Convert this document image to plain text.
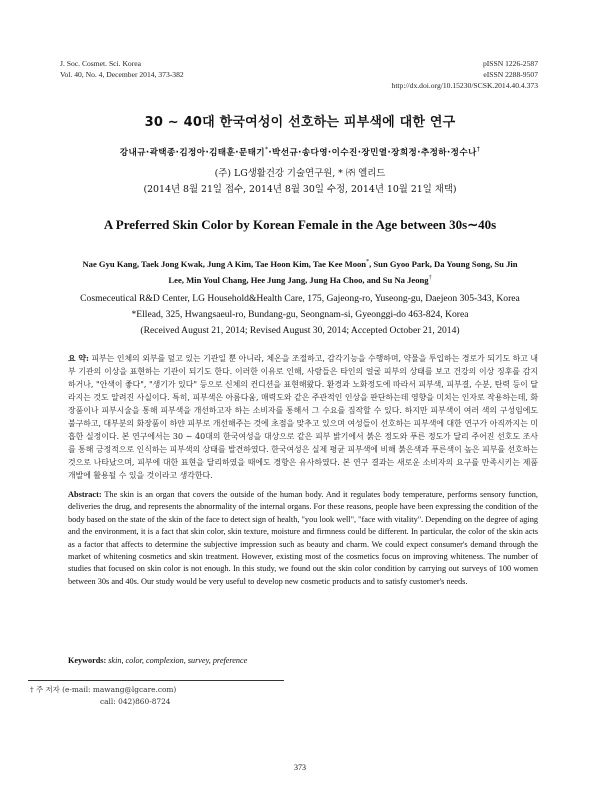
J. Soc. Cosmet. Sci. Korea
Vol. 40, No. 4, December 2014, 373-382
pISSN 1226-2587
eISSN 2288-9507
http://dx.doi.org/10.15230/SCSK.2014.40.4.373
30 ∼ 40대 한국여성이 선호하는 피부색에 대한 연구
강내규·곽택종·김정아·김태훈·문태기*·박선규·송다영·이수진·장민열·장희정·추정하·정수나†
(주) LG생활건강 기술연구원, * ㈜ 엘리드
(2014년 8월 21일 접수, 2014년 8월 30일 수정, 2014년 10월 21일 채택)
A Preferred Skin Color by Korean Female in the Age between 30s∼40s
Nae Gyu Kang, Taek Jong Kwak, Jung A Kim, Tae Hoon Kim, Tae Kee Moon*, Sun Gyoo Park, Da Young Song, Su Jin
Lee, Min Youl Chang, Hee Jung Jang, Jung Ha Choo, and Su Na Jeong†
Cosmeceutical R&D Center, LG Household&Health Care, 175, Gajeong-ro, Yuseong-gu, Daejeon 305-343, Korea
*Ellead, 325, Hwangsaeul-ro, Bundang-gu, Seongnam-si, Gyeonggi-do 463-824, Korea
(Received August 21, 2014; Revised August 30, 2014; Accepted October 21, 2014)
요 약: 피부는 인체의 외부를 덮고 있는 기관일 뿐 아니라, 체온을 조절하고, 감각기능을 수행하며, 약물을 투입하는 경로가 되기도 하고 내부 기관의 이상을 표현하는 기관이 되기도 한다. 이러한 이유로 인해, 사람들은 타인의 얼굴 피부의 상태를 보고 건강의 이상 징후를 감지하거나, "안색이 좋다", "생기가 있다" 등으로 신체의 컨디션을 표현해왔다. 환경과 노화정도에 따라서 피부색, 피부결, 수분, 탄력 등이 달라지는 것도 알려진 사실이다. 특히, 피부색은 아름다움, 매력도와 같은 주관적인 인상을 판단하는데 영향을 미치는 인자로 작용하는데, 화장품이나 피부시술을 통해 피부색을 개선하고자 하는 소비자를 통해서 그 수요를 짐작할 수 있다. 하지만 피부색이 여러 색의 구성임에도 불구하고, 대부분의 화장품이 하얀 피부로 개선해주는 것에 초점을 맞추고 있으며 여성들이 선호하는 피부색에 대한 연구가 아직까지는 미흡한 실정이다. 본 연구에서는 30 ∼ 40대의 한국여성을 대상으로 같은 피부 밝기에서 붉은 정도와 푸른 정도가 달리 주어진 선호도 조사를 통해 긍정적으로 인식하는 피부색의 상태를 발견하였다. 한국여성은 실제 평균 피부색에 비해 붉은색과 푸른색이 높은 피부를 선호하는 것으로 나타났으며, 피부에 대한 표현을 달리하였을 때에도 경향은 유사하였다. 본 연구 결과는 새로운 소비자의 요구를 만족시키는 제품 개발에 활용될 수 있을 것이라고 생각한다.
Abstract: The skin is an organ that covers the outside of the human body. And it regulates body temperature, performs sensory function, deliveries the drug, and represents the abnormality of the internal organs. For these reasons, people have been expressing the condition of the body based on the state of the skin of the face to detect sign of health, "you look well", "face with vitality". Depending on the degree of aging and the environment, it is a fact that skin color, skin texture, moisture and firmness could be different. In particular, the color of the skin acts as a factor that affects to determine the subjective impression such as beauty and charm. We could expect consumer's demand through the market of whitening cosmetics and skin treatment. However, existing most of the cosmetics focus on improving whiteness. The number of studies that focused on skin color is not enough. In this study, we found out the skin color condition by carrying out surveys of 100 women between 30s and 40s. Our study would be very useful to develop new cosmetic products and to satisfy customer's needs.
Keywords: skin, color, complexion, survey, preference
† 주 저자 (e-mail: mawang@lgcare.com)
call: 042)860-8724
373
